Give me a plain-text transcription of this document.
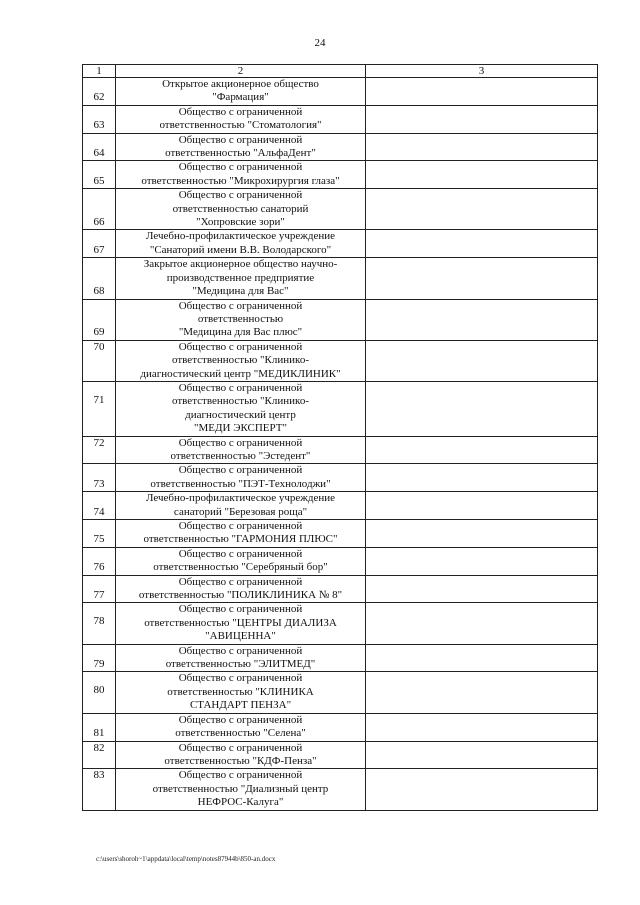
24
1	2	3
62	Открытое акционерное общество
"Фармация"	
63	Общество с ограниченной
ответственностью "Стоматология"	
64	Общество с ограниченной
ответственностью "АльфаДент"	
65	Общество с ограниченной
ответственностью "Микрохирургия глаза"	
66	Общество с ограниченной
ответственностью санаторий
"Хопровские зори"	
67	Лечебно-профилактическое учреждение
"Санаторий имени В.В. Володарского"	
68	Закрытое акционерное общество научно-
производственное предприятие
"Медицина для Вас"	
69	Общество с ограниченной
ответственностью
"Медицина для Вас плюс"	
70	Общество с ограниченной
ответственностью "Клинико-
диагностический центр "МЕДИКЛИНИК"	
71	Общество с ограниченной
ответственностью "Клинико-
диагностический центр
"МЕДИ ЭКСПЕРТ"	
72	Общество с ограниченной
ответственностью "Эстедент"	
73	Общество с ограниченной
ответственностью "ПЭТ-Технолоджи"	
74	Лечебно-профилактическое учреждение
санаторий "Березовая роща"	
75	Общество с ограниченной
ответственностью "ГАРМОНИЯ ПЛЮС"	
76	Общество с ограниченной
ответственностью "Серебряный бор"	
77	Общество с ограниченной
ответственностью "ПОЛИКЛИНИКА № 8"	
78	Общество с ограниченной
ответственностью "ЦЕНТРЫ ДИАЛИЗА
"АВИЦЕННА"	
79	Общество с ограниченной
ответственностью "ЭЛИТМЕД"	
80	Общество с ограниченной
ответственностью "КЛИНИКА
СТАНДАРТ ПЕНЗА"	
81	Общество с ограниченной
ответственностью "Селена"	
82	Общество с ограниченной
ответственностью "КДФ-Пенза"	
83	Общество с ограниченной
ответственностью "Диализный центр
НЕФРОС-Калуга"	
c:\users\shoroh~1\appdata\local\temp\notes87944b\850-an.docx
